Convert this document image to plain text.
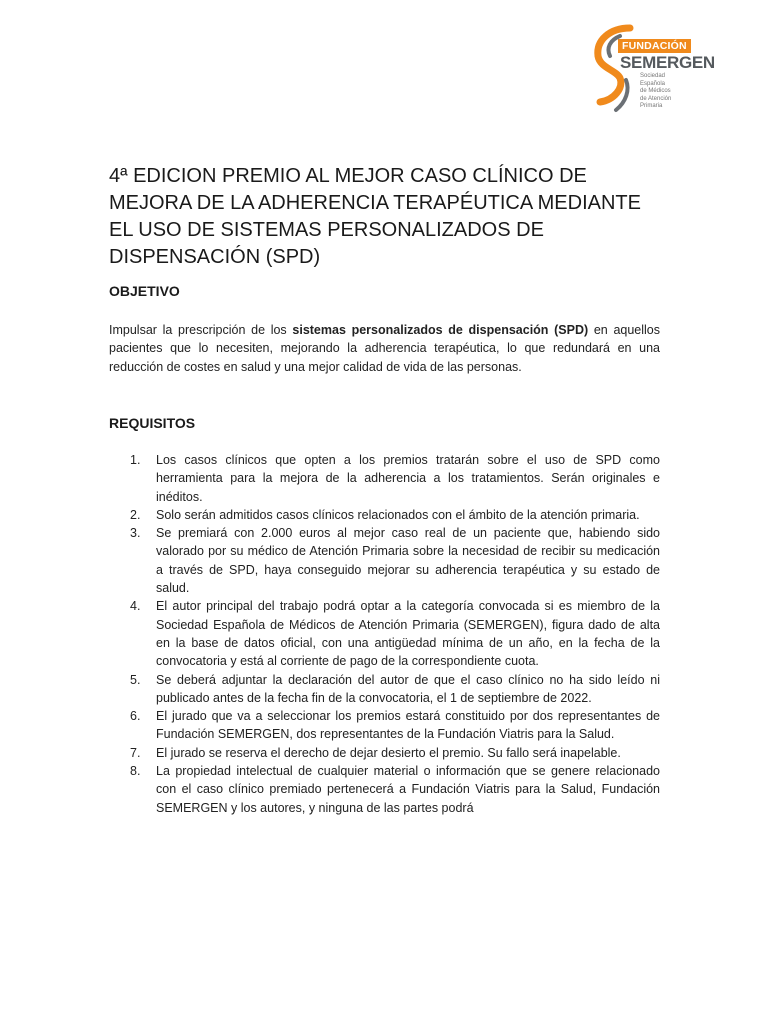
FUNDACIÓN
SEMERGEN
Sociedad
Española
de Médicos
de Atención
Primaria
4ª EDICION PREMIO AL MEJOR CASO CLÍNICO DE MEJORA DE LA ADHERENCIA TERAPÉUTICA MEDIANTE EL USO DE SISTEMAS PERSONALIZADOS DE DISPENSACIÓN (SPD)
OBJETIVO

Impulsar la prescripción de los sistemas personalizados de dispensación (SPD) en aquellos pacientes que lo necesiten, mejorando la adherencia terapéutica, lo que redundará en una reducción de costes en salud y una mejor calidad de vida de las personas.

REQUISITOS
1. Los casos clínicos que opten a los premios tratarán sobre el uso de SPD como herramienta para la mejora de la adherencia a los tratamientos. Serán originales e inéditos.
2. Solo serán admitidos casos clínicos relacionados con el ámbito de la atención primaria.
3. Se premiará con 2.000 euros al mejor caso real de un paciente que, habiendo sido valorado por su médico de Atención Primaria sobre la necesidad de recibir su medicación a través de SPD, haya conseguido mejorar su adherencia terapéutica y su estado de salud.
4. El autor principal del trabajo podrá optar a la categoría convocada si es miembro de la Sociedad Española de Médicos de Atención Primaria (SEMERGEN), figura dado de alta en la base de datos oficial, con una antigüedad mínima de un año, en la fecha de la convocatoria y está al corriente de pago de la correspondiente cuota.
5. Se deberá adjuntar la declaración del autor de que el caso clínico no ha sido leído ni publicado antes de la fecha fin de la convocatoria, el 1 de septiembre de 2022.
6. El jurado que va a seleccionar los premios estará constituido por dos representantes de Fundación SEMERGEN, dos representantes de la Fundación Viatris para la Salud.
7. El jurado se reserva el derecho de dejar desierto el premio. Su fallo será inapelable.
8. La propiedad intelectual de cualquier material o información que se genere relacionado con el caso clínico premiado pertenecerá a Fundación Viatris para la Salud, Fundación SEMERGEN y los autores, y ninguna de las partes podrá
